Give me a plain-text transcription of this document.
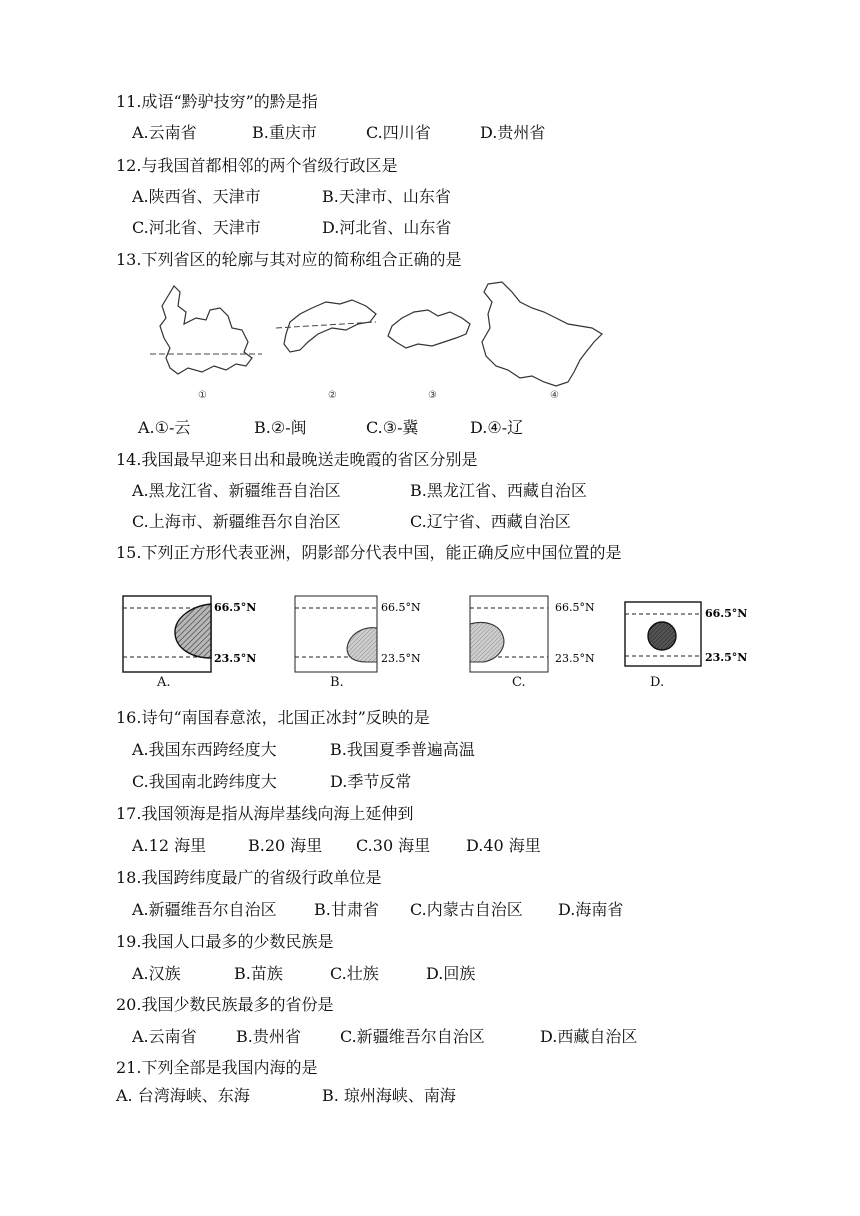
11.成语“黔驴技穷”的黔是指
A.云南省	B.重庆市	C.四川省	D.贵州省
12.与我国首都相邻的两个省级行政区是
A.陕西省、天津市	B.天津市、山东省
C.河北省、天津市	D.河北省、山东省
13.下列省区的轮廓与其对应的简称组合正确的是
①	②	③	④
A.①-云	B.②-闽	C.③-冀	D.④-辽
14.我国最早迎来日出和最晚送走晚霞的省区分别是
A.黑龙江省、新疆维吾自治区	B.黑龙江省、西藏自治区
C.上海市、新疆维吾尔自治区	C.辽宁省、西藏自治区
15.下列正方形代表亚洲，阴影部分代表中国，能正确反应中国位置的是
66.5°N
23.5°N
66.5°N
23.5°N
66.5°N
23.5°N
66.5°N
23.5°N
A.	B.	C.	D.
16.诗句“南国春意浓，北国正冰封”反映的是
A.我国东西跨经度大	B.我国夏季普遍高温
C.我国南北跨纬度大	D.季节反常
17.我国领海是指从海岸基线向海上延伸到
A.12 海里	B.20 海里 C.30 海里 D.40 海里
18.我国跨纬度最广的省级行政单位是
A.新疆维吾尔自治区 B.甘肃省 C.内蒙古自治区 D.海南省
19.我国人口最多的少数民族是
A.汉族	B.苗族	C.壮族	D.回族
20.我国少数民族最多的省份是
A.云南省 B.贵州省 C.新疆维吾尔自治区	D.西藏自治区
21.下列全部是我国内海的是
A. 台湾海峡、东海	B. 琼州海峡、南海
